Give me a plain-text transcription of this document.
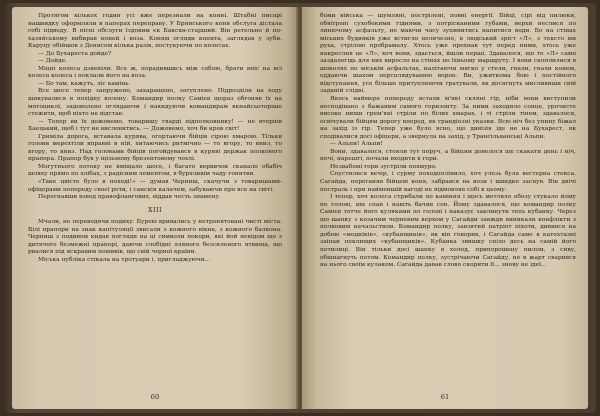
Протягом кількох годин усі вже перезнали на конні. Штабні писарі нашвидку оформляли в паперах переправу. У Брянського коня обслуга дістала собі підводу. В пісні обслуги їздовим єк Баксян-старший. Він ретельно й по-хазяйському вибирав коней і воза. Коням огляди копита, заглядав у зуби. Каруцу обійшов з Денисом кілька разів, постукуючи по колесах.

— До Бухареста дойде?

— Дойде.

Міцні колеса дзвеніли. Все ж, порадившись між собою, брати вніс на всі колеса колеса і поклали його на воза.

— Бо там, кажуть, ліс камінь.

Все шосе тепер запружено, захаращено, затуплено. Підрозділи на ходу шикувалися в похідну колону. Командир полку Самієв щораз обгоняв їх на мотоциклі, задоволено оглядаючи і накидуючи командирам вкнайсьоторіше стежити, щоб ніхто не відстав.

— Тепер ви їх дожовемо, товаришу гварді підполковнику! — не втерпів Хаецький, щоб і тут не висловитись. — Дожовемо, хоч би кров світ!

Гриміла дорога, вставала курява, огортаючи бійців сірою хмарою. Тільки голови мерехтіли вправні в ній, хитаючись ритмічно — то вгору, то вниз, то вгору, то вниз. Над головами бійців погойдувався в куряві держак полкового прапора. Прапор був у щільному брезентовому чохлі.

Могутнього потоку не вміщало шосе, і багато вервичок сканало обабіч шляху прямо по хлібах, з радісним лементом, в бурхливім чаду гонитви.

«Таке цвісте було в поході!» — думав Черниш, скачучи з товаришами-офіцерами попереду своєї роти, і санскія калачем, забуваючи про все на світі.

Перегнавши взвод правофлангових, віддав честь знамену.

XIII

Мчали, не переводячи подиху. Бурею вривались у нетронятовані чисті міста. Білі прапори на знак капітуляції звисали з кожного вікна, з кожного балкона. Черниш з подивом кидав погляди на ці символи покори, які йой невідом ще з дитячого безмежні прапорі, даючи слобідні лляного безсиленого ятвища, що рвалися під яскравим помивів, що свій чорної країни.

Міська публіка стікала на тротуари і, пригладжуючи...

60

боми війська — шумляні, пострілені, повні енергії. Бійці, сірі від пилюки, обвітрені сухобокими гіднями, з потрісканими губами, верхи неслися по линючому асфальту, не маючи часу зупинитись напитися води. Бо на стінах міських будинків уже встигло величезне, в людський зріст «Л», з тексто ми руха, стрілою пробрамалу. Хтось уже прохнав тут перед ними, хтось уже накреслив це «Л», хоч вони, здається, йшли перші. Здавалося, що те «Л» само заздалегідь для них виросло на стінах по їхньому маршруту. І вони скоплилися в шоколях по міськім асфальтах, налітаючи мягко у стели, гнали, гнали конем, оддаючи шахом персплядуванню вороп. Ви, ужиткома бою і постійного відступання, усе більше притуплюючи гратували, як досягнуть мисливиши свій заданій слідві.

Якесь наймере попереду встали м'які скляні гір, ніби вони виступили несподівано з бажаним самого горизонту. За ними заходило сонце, урочисте високо нищи грем'які стріли по білих хмарах, і ті стріли тінем, здавалося, освічували бійцям дорогу вперед, як грандіозні указки. Всю ніч без упину біжал на захід із гір. Тепер уже було ясно, що дивізія іде не на Бухарест, як сподівалися досі офіцери, а звернула на захід, у Трансільванські Альпи.

— Альпи! Альпи!

Вони, здавалося, стояли тут поруч, а бійцям довелося ще скакати день і ніч, ночі, нарешті, почали входити в гори.

Незвабомі гори зустріли похмуро.

Спустилися вечір, і сурму походоплінило, хоч улезь була вестерна стекса. Сагайда, переганяв бійцеві коня, забрався на вози і швидко заснув. Він двічі постраль і при найменшій вагоді не відмовляв собі в цьому.

І тепер, хоч колеса стрибали по каміння і щось метляло обозу стукало йому по голові, він спав і навіть бачив сон. Йому здавалося, що командир полку Самієв тотче його куляками по голові і наказує заклинути тепь кубанку. Через що шапку з козачим черневим верхом у Сагайди завжди виникали конфлікти з полковим начальством. Командир полку, завзятий патріот піхоти, дивився на добою «моднікiв», «кубанщиків», як він говорив, і Сагайда саме в катехтазні заіпаи пеклищих «кубанщиків». Кубанка звишку сніло десь на самій його потилиці. Він тільки досі шапку в холод, припорошену пилом, з сиву, обшнагнуть потом. Командир полку, зустрічаючи Сагайду, не в жарт сварився на нього своїм кулаком. Сагайда давав слово скорити її... знову не ідеї...

61
